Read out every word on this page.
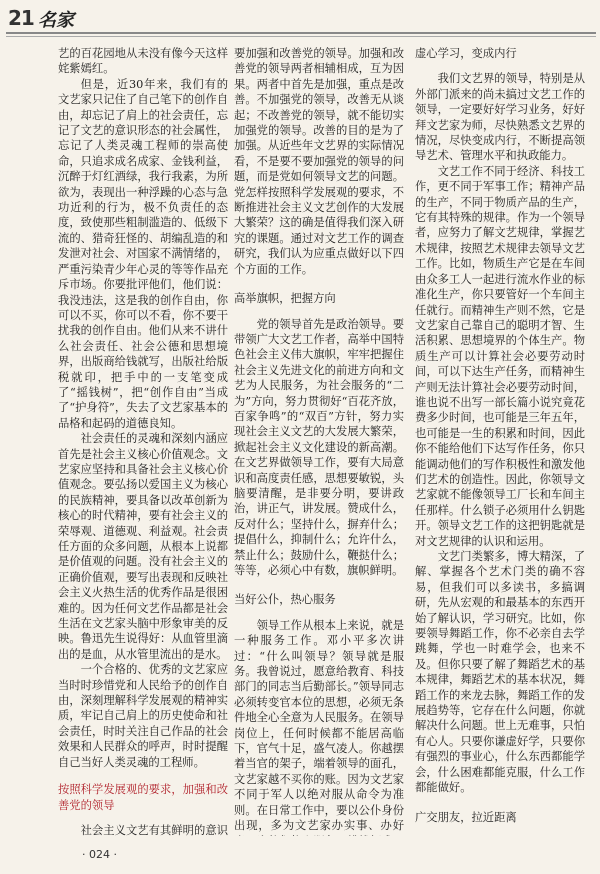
21 名家

艺的百花园地从未没有像今天这样姹紫嫣红。

但是，近30年来，我们有的文艺家只记住了自己笔下的创作自由，却忘记了肩上的社会责任，忘记了文艺的意识形态的社会属性，忘记了人类灵魂工程师的崇高使命，只追求成名成家、金钱利益，沉醉于灯红酒绿，我行我素，为所欲为，表现出一种浮躁的心态与急功近利的行为，极不负责任的态度，致使那些粗制滥造的、低级下流的、猎奇狂怪的、胡编乱造的和发泄对社会、对国家不满情绪的，严重污染青少年心灵的等等作品充斥市场。你要批评他们，他们说：我没违法，这是我的创作自由，你可以不买，你可以不看，你不要干扰我的创作自由。他们从来不讲什么社会责任、社会公德和思想境界，出版商给钱就写，出版社给版税就印，把手中的一支笔变成了“摇钱树”，把“创作自由”当成了“护身符”，失去了文艺家基本的品格和起码的道德良知。

社会责任的灵魂和深刻内涵应首先是社会主义核心价值观念。文艺家应坚持和具备社会主义核心价值观念。要弘扬以爱国主义为核心的民族精神，要具备以改革创新为核心的时代精神，要有社会主义的荣辱观、道德观、利益观。社会责任方面的众多问题，从根本上说都是价值观的问题。没有社会主义的正确价值观，要写出表现和反映社会主义火热生活的优秀作品是很困难的。因为任何文艺作品都是社会生活在文艺家头脑中形象审美的反映。鲁迅先生说得好：从血管里滴出的是血，从水管里流出的是水。

一个合格的、优秀的文艺家应当时时珍惜党和人民给予的创作自由，深刻理解科学发展观的精神实质，牢记自己肩上的历史使命和社会责任，时时关注自己作品的社会效果和人民群众的呼声，时时提醒自己当好人类灵魂的工程师。

按照科学发展观的要求，加强和改善党的领导

社会主义文艺有其鲜明的意识

要加强和改善党的领导。加强和改善党的领导两者相辅相成，互为因果。两者中首先是加强，重点是改善。不加强党的领导，改善无从谈起；不改善党的领导，就不能切实加强党的领导。改善的目的是为了加强。从近些年文艺界的实际情况看，不是要不要加强党的领导的问题，而是党如何领导文艺的问题。党怎样按照科学发展观的要求，不断推进社会主义文艺创作的大发展大繁荣？这的确是值得我们深入研究的课题。通过对文艺工作的调查研究，我们认为应重点做好以下四个方面的工作。

高举旗帜，把握方向

党的领导首先是政治领导。要带领广大文艺工作者，高举中国特色社会主义伟大旗帜，牢牢把握住社会主义先进文化的前进方向和文艺为人民服务，为社会服务的“二为”方向，努力贯彻好“百花齐放，百家争鸣”的“双百”方针，努力实现社会主义文艺的大发展大繁荣，掀起社会主义文化建设的新高潮。在文艺界做领导工作，要有大局意识和高度责任感，思想要敏锐，头脑要清醒，是非要分明，要讲政治，讲正气，讲发展。赞成什么，反对什么；坚持什么，摒弃什么；提倡什么，抑制什么；允许什么，禁止什么；鼓励什么，鞭挞什么；等等，必须心中有数，旗帜鲜明。

当好公仆，热心服务

领导工作从根本上来说，就是一种服务工作。邓小平多次讲过：“什么叫领导？领导就是服务。我曾说过，愿意给教育、科技部门的同志当后勤部长。”领导同志必须转变官本位的思想，必须无条件地全心全意为人民服务。在领导岗位上，任何时候都不能居高临下，官气十足，盛气凌人。你越摆着当官的架子，端着领导的面孔，文艺家越不买你的账。因为文艺家不同于军人以绝对服从命令为准则。在日常工作中，要以公仆身份出现，多为文艺家办实事、办好

虚心学习，变成内行

我们文艺界的领导，特别是从外部门派来的尚未搞过文艺工作的领导，一定要好好学习业务，好好拜文艺家为师，尽快熟悉文艺界的情况，尽快变成内行，不断提高领导艺术、管理水平和执政能力。

文艺工作不同于经济、科技工作，更不同于军事工作；精神产品的生产，不同于物质产品的生产，它有其特殊的规律。作为一个领导者，应努力了解文艺规律，掌握艺术规律，按照艺术规律去领导文艺工作。比如，物质生产它是在车间由众多工人一起进行流水作业的标准化生产，你只要管好一个车间主任就行。而精神生产则不然，它是文艺家自己靠自己的聪明才智、生活积累、思想境界的个体生产。物质生产可以计算社会必要劳动时间，可以下达生产任务，而精神生产则无法计算社会必要劳动时间，谁也说不出写一部长篇小说究竟花费多少时间，也可能是三年五年，也可能是一生的积累和时间，因此你不能给他们下达写作任务，你只能调动他们的写作积极性和激发他们艺术的创造性。因此，你领导文艺家就不能像领导工厂长和车间主任那样。什么锁子必须用什么钥匙开。领导文艺工作的这把钥匙就是对文艺规律的认识和运用。

文艺门类繁多，博大精深，了解、掌握各个艺术门类的确不容易，但我们可以多读书，多搞调研，先从宏观的和最基本的东西开始了解认识，学习研究。比如，你要领导舞蹈工作，你不必亲自去学跳舞，学也一时难学会，也来不及。但你只要了解了舞蹈艺术的基本规律，舞蹈艺术的基本状况，舞蹈工作的来龙去脉，舞蹈工作的发展趋势等，它存在什么问题，你就解决什么问题。世上无难事，只怕有心人。只要你谦虚好学，只要你有强烈的事业心，什么东西都能学会，什么困难都能克服，什么工作都能做好。

广交朋友，拉近距离

· 024 ·
